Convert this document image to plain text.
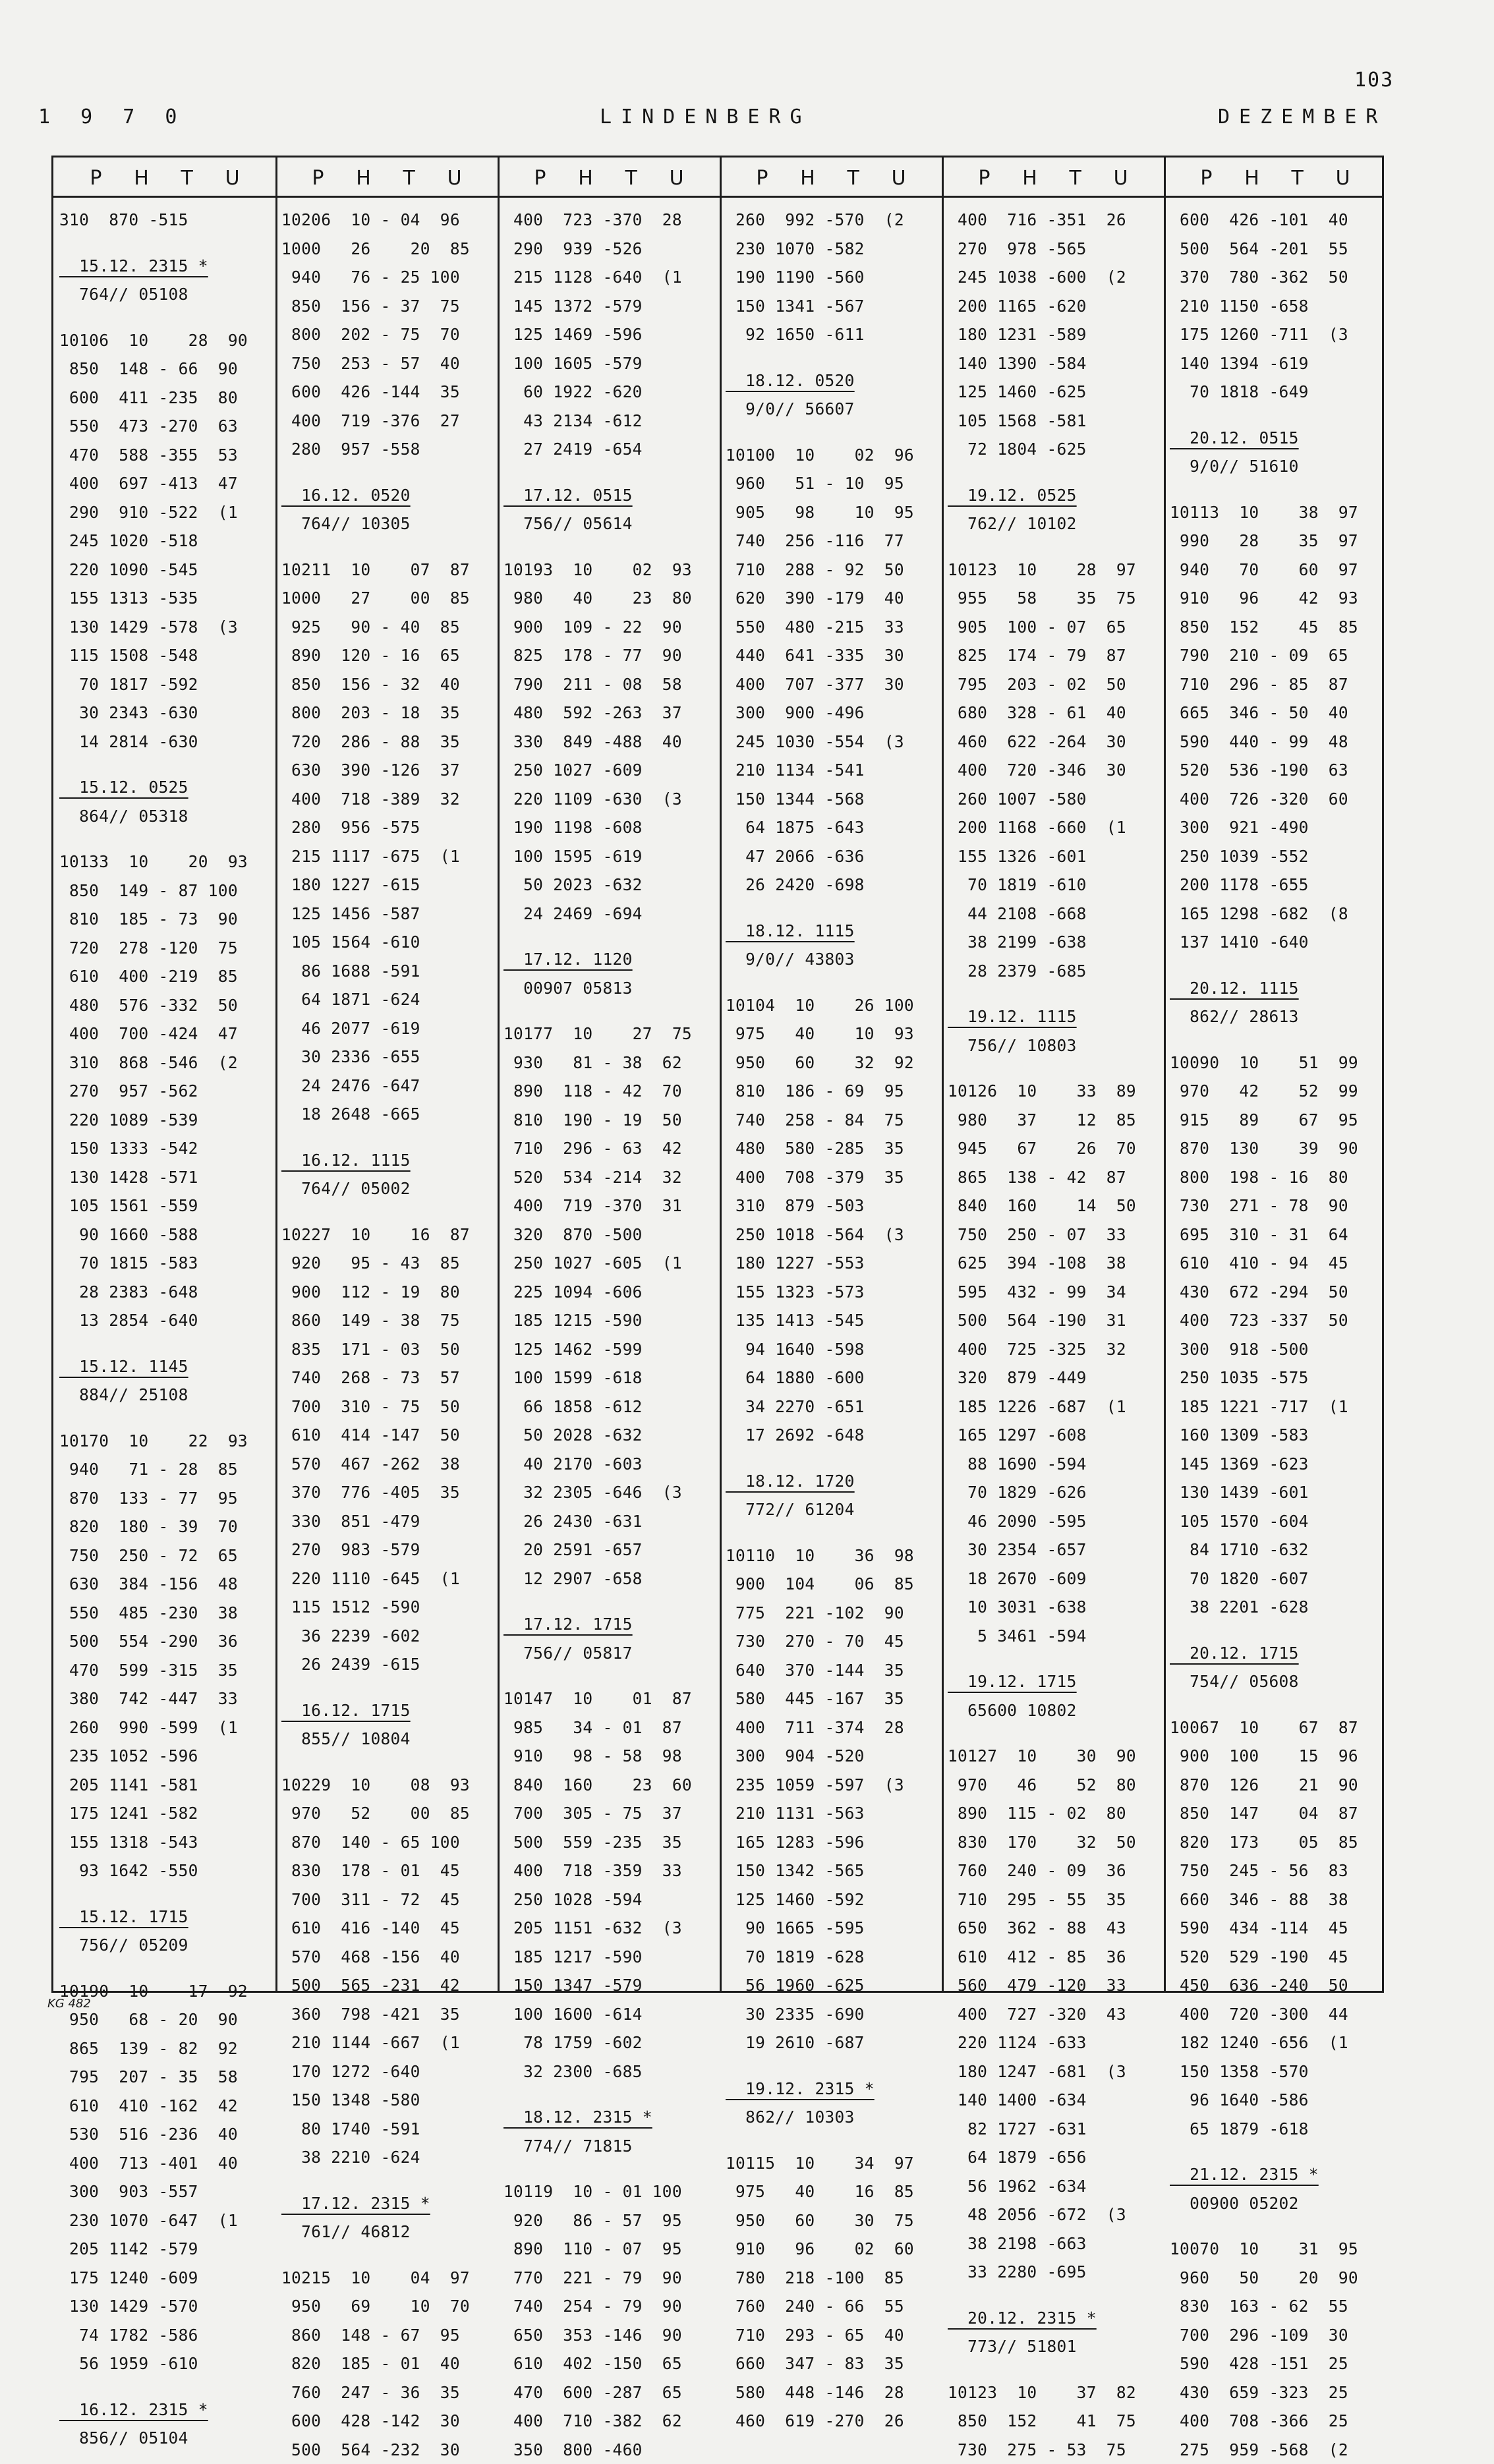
103
1 9 7 0	LINDENBERG	DEZEMBER
P H T U	P H T U	P H T U	P H T U	P H T U	P H T U
310  870 -515
15.12. 2315 *
764// 05108
10106  10    28  90
850  148 - 66  90
600  411 -235  80
550  473 -270  63
470  588 -355  53
400  697 -413  47
290  910 -522  (1
245 1020 -518
220 1090 -545
155 1313 -535
130 1429 -578  (3
115 1508 -548
70 1817 -592
30 2343 -630
14 2814 -630
15.12. 0525
864// 05318
10133  10    20  93
850  149 - 87 100
810  185 - 73  90
720  278 -120  75
610  400 -219  85
480  576 -332  50
400  700 -424  47
310  868 -546  (2
270  957 -562
220 1089 -539
150 1333 -542
130 1428 -571
105 1561 -559
90 1660 -588
70 1815 -583
28 2383 -648
13 2854 -640
15.12. 1145
884// 25108
10170  10    22  93
940   71 - 28  85
870  133 - 77  95
820  180 - 39  70
750  250 - 72  65
630  384 -156  48
550  485 -230  38
500  554 -290  36
470  599 -315  35
380  742 -447  33
260  990 -599  (1
235 1052 -596
205 1141 -581
175 1241 -582
155 1318 -543
93 1642 -550
15.12. 1715
756// 05209
10190  10    17  92
950   68 - 20  90
865  139 - 82  92
795  207 - 35  58
610  410 -162  42
530  516 -236  40
400  713 -401  40
300  903 -557
230 1070 -647  (1
205 1142 -579
175 1240 -609
130 1429 -570
74 1782 -586
56 1959 -610
16.12. 2315 *
856// 05104
10206  10 - 04  96
1000   26    20  85
940   76 - 25 100
850  156 - 37  75
800  202 - 75  70
750  253 - 57  40
600  426 -144  35
400  719 -376  27
280  957 -558
16.12. 0520
764// 10305
10211  10    07  87
1000   27    00  85
925   90 - 40  85
890  120 - 16  65
850  156 - 32  40
800  203 - 18  35
720  286 - 88  35
630  390 -126  37
400  718 -389  32
280  956 -575
215 1117 -675  (1
180 1227 -615
125 1456 -587
105 1564 -610
86 1688 -591
64 1871 -624
46 2077 -619
30 2336 -655
24 2476 -647
18 2648 -665
16.12. 1115
764// 05002
10227  10    16  87
920   95 - 43  85
900  112 - 19  80
860  149 - 38  75
835  171 - 03  50
740  268 - 73  57
700  310 - 75  50
610  414 -147  50
570  467 -262  38
370  776 -405  35
330  851 -479
270  983 -579
220 1110 -645  (1
115 1512 -590
36 2239 -602
26 2439 -615
16.12. 1715
855// 10804
10229  10    08  93
970   52    00  85
870  140 - 65 100
830  178 - 01  45
700  311 - 72  45
610  416 -140  45
570  468 -156  40
500  565 -231  42
360  798 -421  35
210 1144 -667  (1
170 1272 -640
150 1348 -580
80 1740 -591
38 2210 -624
17.12. 2315 *
761// 46812
10215  10    04  97
950   69    10  70
860  148 - 67  95
820  185 - 01  40
760  247 - 36  35
600  428 -142  30
500  564 -232  30
400  723 -370  28
290  939 -526
215 1128 -640  (1
145 1372 -579
125 1469 -596
100 1605 -579
60 1922 -620
43 2134 -612
27 2419 -654
17.12. 0515
756// 05614
10193  10    02  93
980   40    23  80
900  109 - 22  90
825  178 - 77  90
790  211 - 08  58
480  592 -263  37
330  849 -488  40
250 1027 -609
220 1109 -630  (3
190 1198 -608
100 1595 -619
50 2023 -632
24 2469 -694
17.12. 1120
00907 05813
10177  10    27  75
930   81 - 38  62
890  118 - 42  70
810  190 - 19  50
710  296 - 63  42
520  534 -214  32
400  719 -370  31
320  870 -500
250 1027 -605  (1
225 1094 -606
185 1215 -590
125 1462 -599
100 1599 -618
66 1858 -612
50 2028 -632
40 2170 -603
32 2305 -646  (3
26 2430 -631
20 2591 -657
12 2907 -658
17.12. 1715
756// 05817
10147  10    01  87
985   34 - 01  87
910   98 - 58  98
840  160    23  60
700  305 - 75  37
500  559 -235  35
400  718 -359  33
250 1028 -594
205 1151 -632  (3
185 1217 -590
150 1347 -579
100 1600 -614
78 1759 -602
32 2300 -685
18.12. 2315 *
774// 71815
10119  10 - 01 100
920   86 - 57  95
890  110 - 07  95
770  221 - 79  90
740  254 - 79  90
650  353 -146  90
610  402 -150  65
470  600 -287  65
400  710 -382  62
350  800 -460
260  992 -570  (2
230 1070 -582
190 1190 -560
150 1341 -567
92 1650 -611
18.12. 0520
9/0// 56607
10100  10    02  96
960   51 - 10  95
905   98    10  95
740  256 -116  77
710  288 - 92  50
620  390 -179  40
550  480 -215  33
440  641 -335  30
400  707 -377  30
300  900 -496
245 1030 -554  (3
210 1134 -541
150 1344 -568
64 1875 -643
47 2066 -636
26 2420 -698
18.12. 1115
9/0// 43803
10104  10    26 100
975   40    10  93
950   60    32  92
810  186 - 69  95
740  258 - 84  75
480  580 -285  35
400  708 -379  35
310  879 -503
250 1018 -564  (3
180 1227 -553
155 1323 -573
135 1413 -545
94 1640 -598
64 1880 -600
34 2270 -651
17 2692 -648
18.12. 1720
772// 61204
10110  10    36  98
900  104    06  85
775  221 -102  90
730  270 - 70  45
640  370 -144  35
580  445 -167  35
400  711 -374  28
300  904 -520
235 1059 -597  (3
210 1131 -563
165 1283 -596
150 1342 -565
125 1460 -592
90 1665 -595
70 1819 -628
56 1960 -625
30 2335 -690
19 2610 -687
19.12. 2315 *
862// 10303
10115  10    34  97
975   40    16  85
950   60    30  75
910   96    02  60
780  218 -100  85
760  240 - 66  55
710  293 - 65  40
660  347 - 83  35
580  448 -146  28
460  619 -270  26
400  716 -351  26
270  978 -565
245 1038 -600  (2
200 1165 -620
180 1231 -589
140 1390 -584
125 1460 -625
105 1568 -581
72 1804 -625
19.12. 0525
762// 10102
10123  10    28  97
955   58    35  75
905  100 - 07  65
825  174 - 79  87
795  203 - 02  50
680  328 - 61  40
460  622 -264  30
400  720 -346  30
260 1007 -580
200 1168 -660  (1
155 1326 -601
70 1819 -610
44 2108 -668
38 2199 -638
28 2379 -685
19.12. 1115
756// 10803
10126  10    33  89
980   37    12  85
945   67    26  70
865  138 - 42  87
840  160    14  50
750  250 - 07  33
625  394 -108  38
595  432 - 99  34
500  564 -190  31
400  725 -325  32
320  879 -449
185 1226 -687  (1
165 1297 -608
88 1690 -594
70 1829 -626
46 2090 -595
30 2354 -657
18 2670 -609
10 3031 -638
5 3461 -594
19.12. 1715
65600 10802
10127  10    30  90
970   46    52  80
890  115 - 02  80
830  170    32  50
760  240 - 09  36
710  295 - 55  35
650  362 - 88  43
610  412 - 85  36
560  479 -120  33
400  727 -320  43
220 1124 -633
180 1247 -681  (3
140 1400 -634
82 1727 -631
64 1879 -656
56 1962 -634
48 2056 -672  (3
38 2198 -663
33 2280 -695
20.12. 2315 *
773// 51801
10123  10    37  82
850  152    41  75
730  275 - 53  75
600  426 -101  40
500  564 -201  55
370  780 -362  50
210 1150 -658
175 1260 -711  (3
140 1394 -619
70 1818 -649
20.12. 0515
9/0// 51610
10113  10    38  97
990   28    35  97
940   70    60  97
910   96    42  93
850  152    45  85
790  210 - 09  65
710  296 - 85  87
665  346 - 50  40
590  440 - 99  48
520  536 -190  63
400  726 -320  60
300  921 -490
250 1039 -552
200 1178 -655
165 1298 -682  (8
137 1410 -640
20.12. 1115
862// 28613
10090  10    51  99
970   42    52  99
915   89    67  95
870  130    39  90
800  198 - 16  80
730  271 - 78  90
695  310 - 31  64
610  410 - 94  45
430  672 -294  50
400  723 -337  50
300  918 -500
250 1035 -575
185 1221 -717  (1
160 1309 -583
145 1369 -623
130 1439 -601
105 1570 -604
84 1710 -632
70 1820 -607
38 2201 -628
20.12. 1715
754// 05608
10067  10    67  87
900  100    15  96
870  126    21  90
850  147    04  87
820  173    05  85
750  245 - 56  83
660  346 - 88  38
590  434 -114  45
520  529 -190  45
450  636 -240  50
400  720 -300  44
182 1240 -656  (1
150 1358 -570
96 1640 -586
65 1879 -618
21.12. 2315 *
00900 05202
10070  10    31  95
960   50    20  90
830  163 - 62  55
700  296 -109  30
590  428 -151  25
430  659 -323  25
400  708 -366  25
275  959 -568  (2
KG 482
